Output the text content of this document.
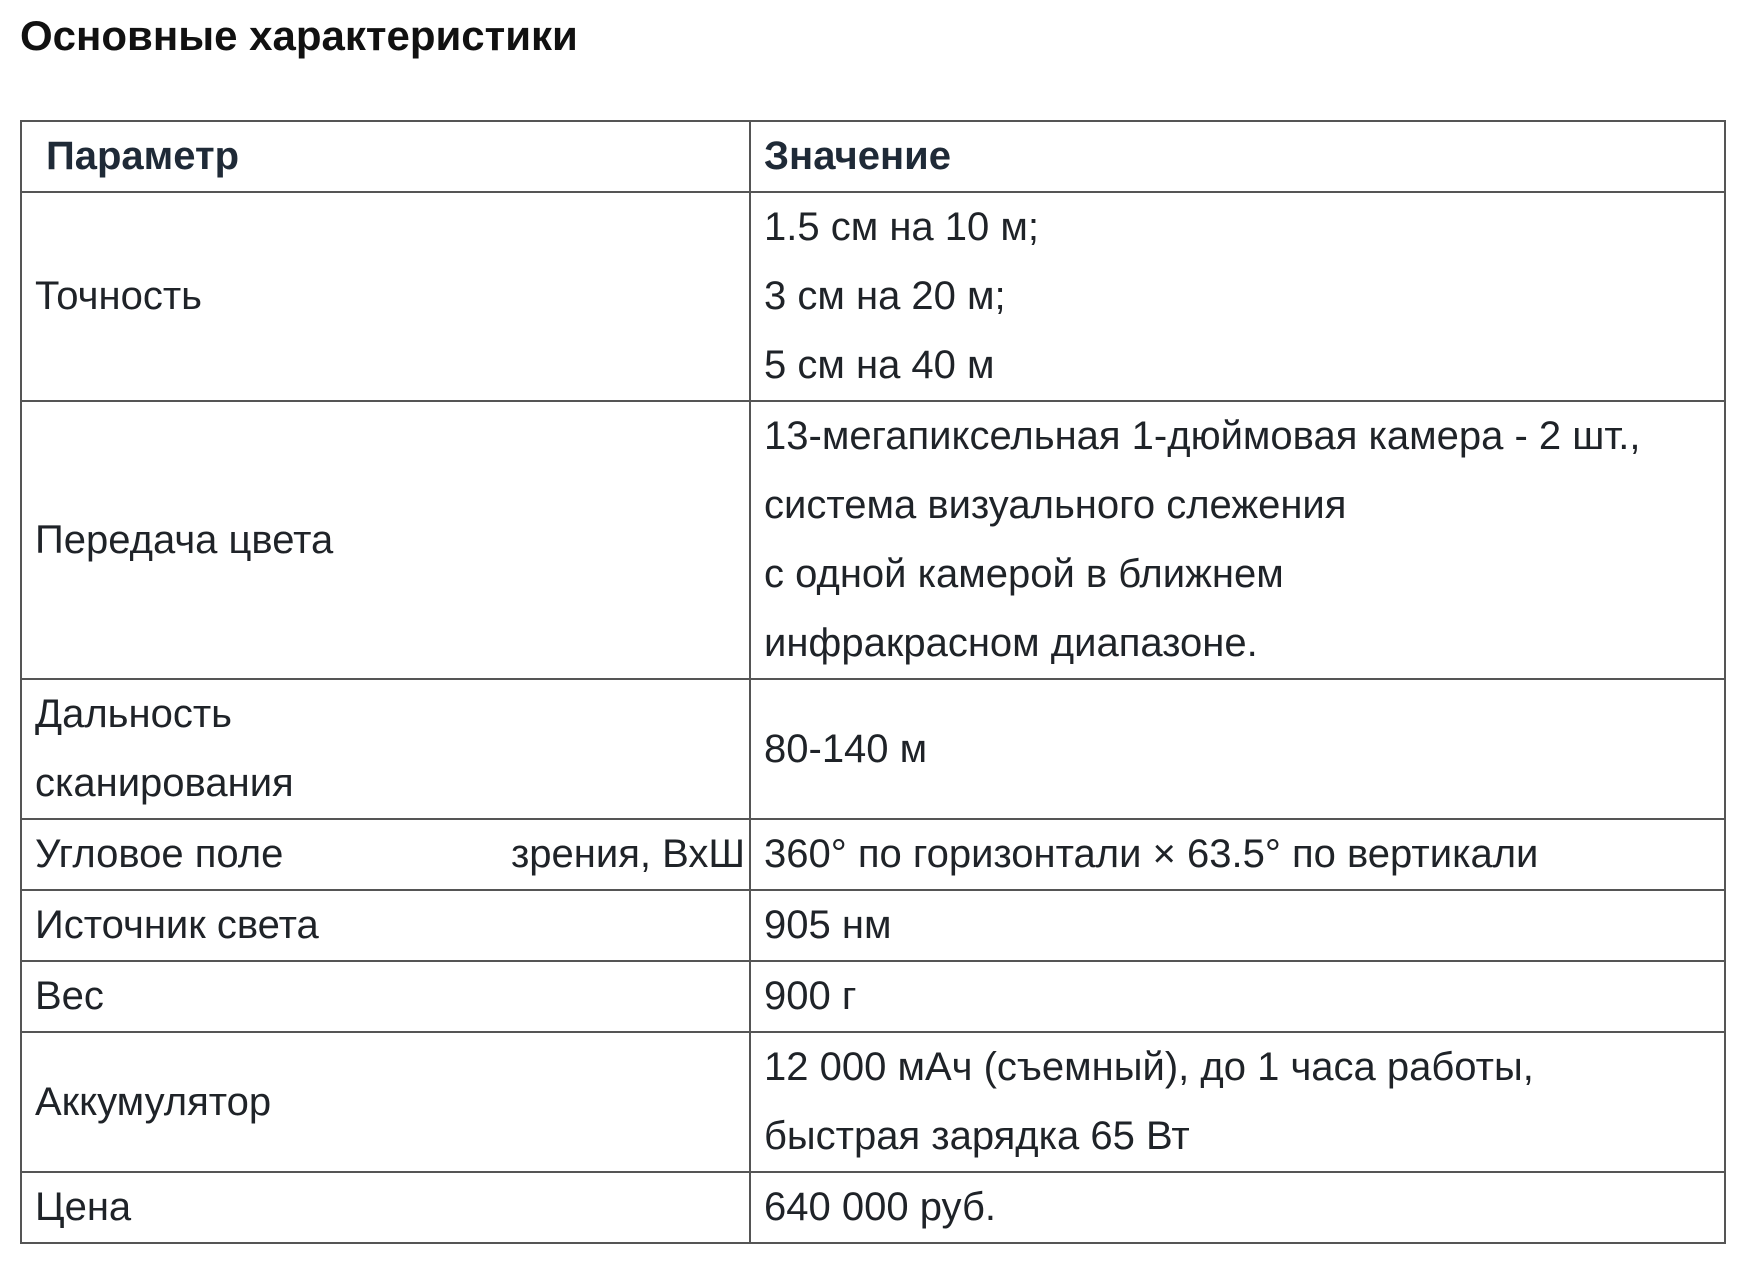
Основные характеристики
Параметр	Значение

Точность	1.5 см на 10 м;
3 см на 20 м;
5 см на 40 м

Передача цвета	13-мегапиксельная 1-дюймовая камера - 2 шт.,
система визуального слежения
с одной камерой в ближнем
инфракрасном диапазоне.

Дальность
сканирования	80-140 м

Угловое поле зрения, ВхШ	360° по горизонтали × 63.5° по вертикали

Источник света	905 нм

Вес	900 г

Аккумулятор	12 000 мАч (съемный), до 1 часа работы,
быстрая зарядка 65 Вт

Цена	640 000 руб.
